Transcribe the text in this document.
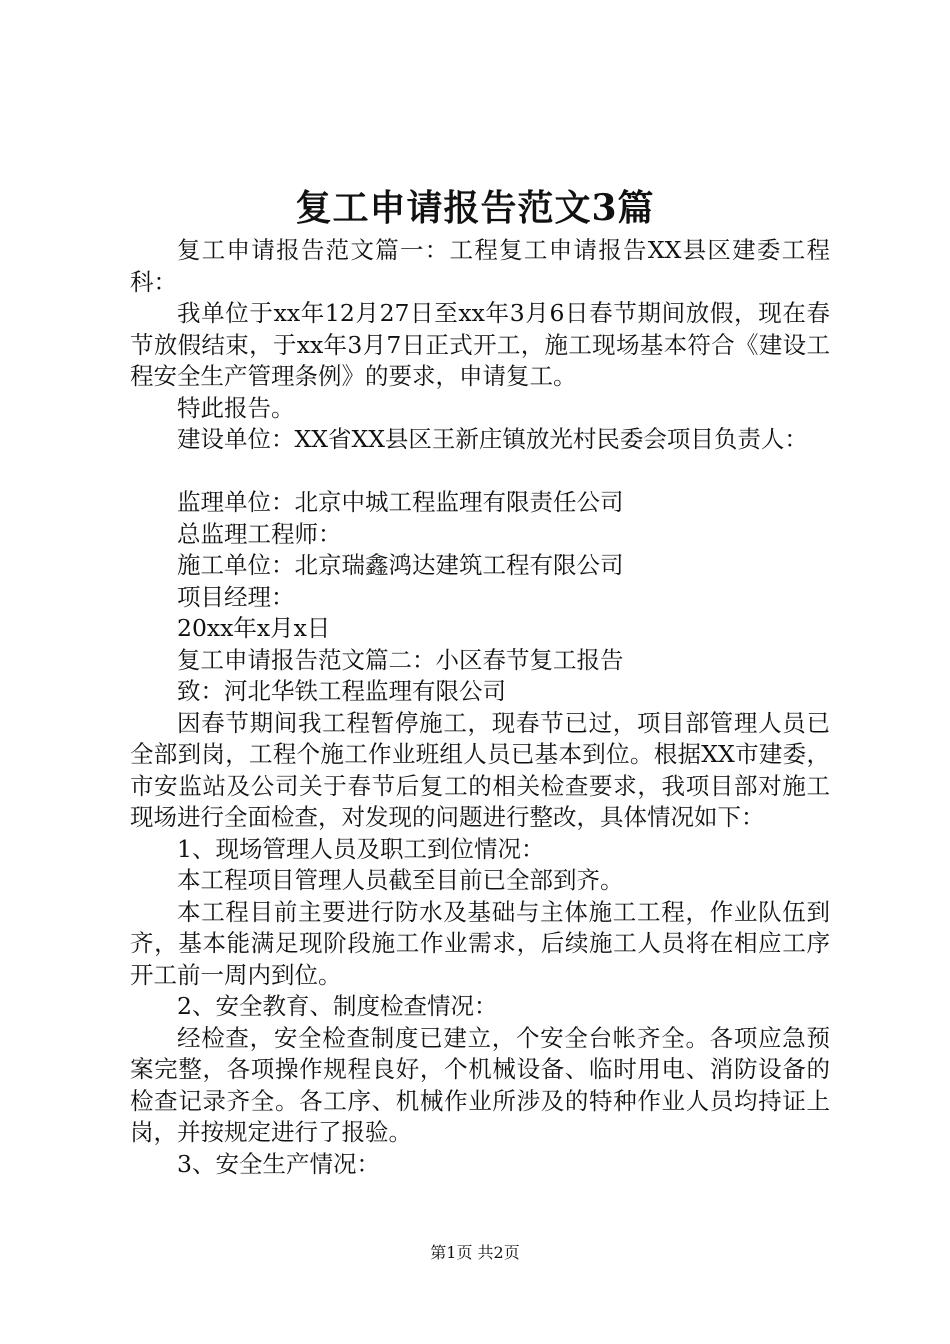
复工申请报告范文3篇

复工申请报告范文篇一：工程复工申请报告XX县区建委工程科：

我单位于xx年12月27日至xx年3月6日春节期间放假，现在春节放假结束，于xx年3月7日正式开工，施工现场基本符合《建设工程安全生产管理条例》的要求，申请复工。

特此报告。

建设单位：XX省XX县区王新庄镇放光村民委会项目负责人：

监理单位：北京中城工程监理有限责任公司

总监理工程师：

施工单位：北京瑞鑫鸿达建筑工程有限公司

项目经理：

20xx年x月x日

复工申请报告范文篇二：小区春节复工报告

致：河北华铁工程监理有限公司

因春节期间我工程暂停施工，现春节已过，项目部管理人员已全部到岗，工程个施工作业班组人员已基本到位。根据XX市建委，市安监站及公司关于春节后复工的相关检查要求，我项目部对施工现场进行全面检查，对发现的问题进行整改，具体情况如下：

1、现场管理人员及职工到位情况：

本工程项目管理人员截至目前已全部到齐。

本工程目前主要进行防水及基础与主体施工工程，作业队伍到齐，基本能满足现阶段施工作业需求，后续施工人员将在相应工序开工前一周内到位。

2、安全教育、制度检查情况：

经检查，安全检查制度已建立，个安全台帐齐全。各项应急预案完整，各项操作规程良好，个机械设备、临时用电、消防设备的检查记录齐全。各工序、机械作业所涉及的特种作业人员均持证上岗，并按规定进行了报验。

3、安全生产情况：

第1页 共2页
